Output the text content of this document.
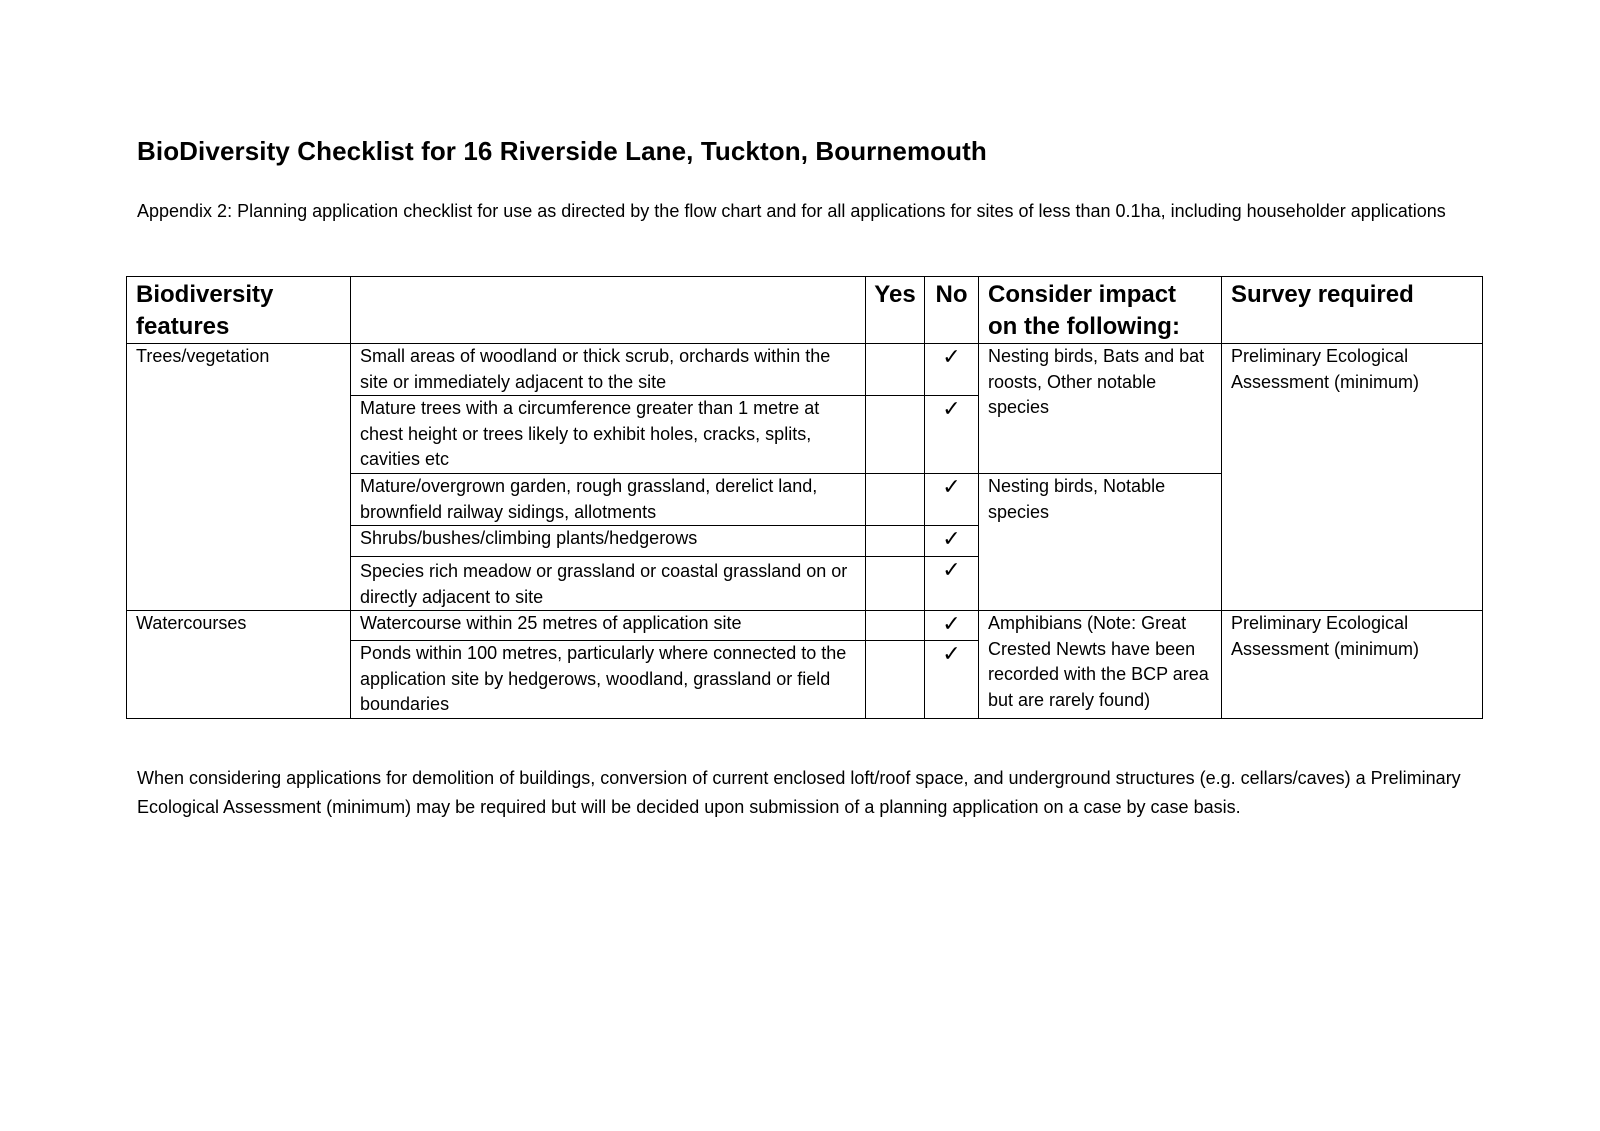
BioDiversity Checklist for 16 Riverside Lane, Tuckton, Bournemouth

Appendix 2: Planning application checklist for use as directed by the flow chart and for all applications for sites of less than 0.1ha, including householder applications

Biodiversity features		Yes	No	Consider impact on the following:	Survey required
Trees/vegetation	Small areas of woodland or thick scrub, orchards within the site or immediately adjacent to the site		✓	Nesting birds, Bats and bat roosts, Other notable species	Preliminary Ecological Assessment (minimum)
	Mature trees with a circumference greater than 1 metre at chest height or trees likely to exhibit holes, cracks, splits, cavities etc		✓		
	Mature/overgrown garden, rough grassland, derelict land, brownfield railway sidings, allotments		✓	Nesting birds, Notable species	
	Shrubs/bushes/climbing plants/hedgerows		✓		
	Species rich meadow or grassland or coastal grassland on or directly adjacent to site		✓		
Watercourses	Watercourse within 25 metres of application site		✓	Amphibians (Note: Great Crested Newts have been recorded with the BCP area but are rarely found)	Preliminary Ecological Assessment (minimum)
	Ponds within 100 metres, particularly where connected to the application site by hedgerows, woodland, grassland or field boundaries		✓		

When considering applications for demolition of buildings, conversion of current enclosed loft/roof space, and underground structures (e.g. cellars/caves) a Preliminary Ecological Assessment (minimum) may be required but will be decided upon submission of a planning application on a case by case basis.
